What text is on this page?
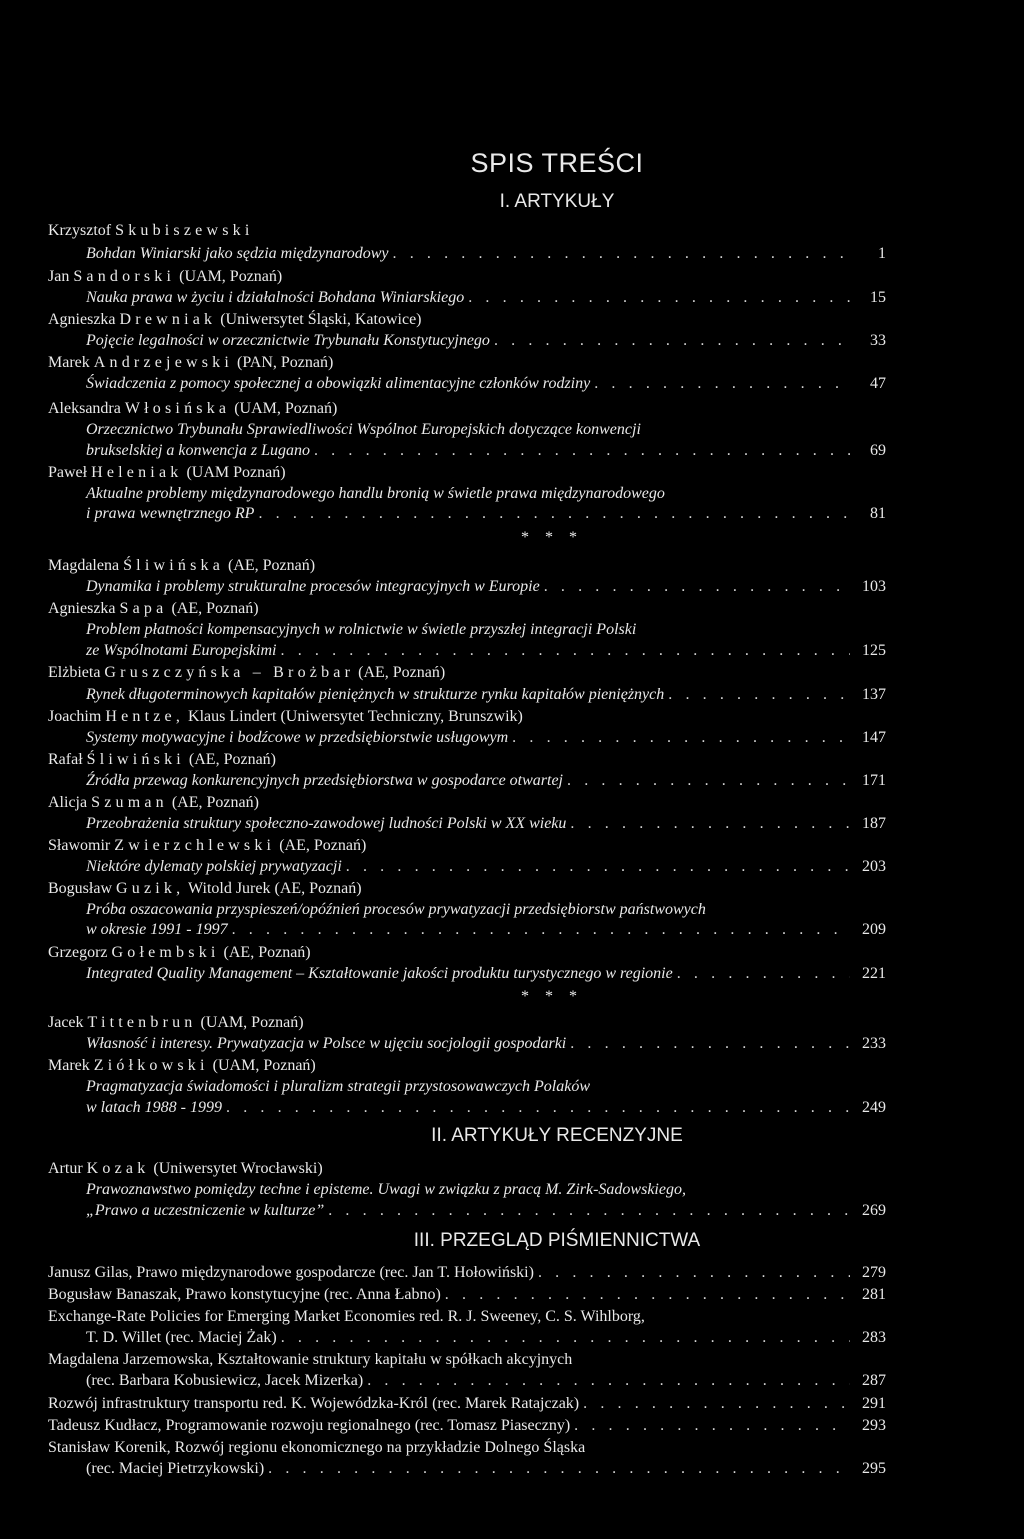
SPIS TREŚCI
I. ARTYKUŁY
Krzysztof Skubiszewski
Bohdan Winiarski jako sędzia międzynarodowy . . .	1
Jan Sandorski (UAM, Poznań)
Nauka prawa w życiu i działalności Bohdana Winiarskiego . . .	15
Agnieszka Drewniak (Uniwersytet Śląski, Katowice)
Pojęcie legalności w orzecznictwie Trybunału Konstytucyjnego . . .	33
Marek Andrzejewski (PAN, Poznań)
Świadczenia z pomocy społecznej a obowiązki alimentacyjne członków rodziny . . .	47
Aleksandra Włosińska (UAM, Poznań)
Orzecznictwo Trybunału Sprawiedliwości Wspólnot Europejskich dotyczące konwencji
brukselskiej a konwencja z Lugano . . .	69
Paweł Heleniak (UAM Poznań)
Aktualne problemy międzynarodowego handlu bronią w świetle prawa międzynarodowego
i prawa wewnętrznego RP . . .	81
* * *
Magdalena Śliwińska (AE, Poznań)
Dynamika i problemy strukturalne procesów integracyjnych w Europie . . .	103
Agnieszka Sapa (AE, Poznań)
Problem płatności kompensacyjnych w rolnictwie w świetle przyszłej integracji Polski
ze Wspólnotami Europejskimi . . .	125
Elżbieta Gruszczyńska – Brożbar (AE, Poznań)
Rynek długoterminowych kapitałów pieniężnych w strukturze rynku kapitałów pieniężnych . . .	137
Joachim Hentze, Klaus Lindert (Uniwersytet Techniczny, Brunszwik)
Systemy motywacyjne i bodźcowe w przedsiębiorstwie usługowym . . .	147
Rafał Śliwiński (AE, Poznań)
Źródła przewag konkurencyjnych przedsiębiorstwa w gospodarce otwartej . . .	171
Alicja Szuman (AE, Poznań)
Przeobrażenia struktury społeczno-zawodowej ludności Polski w XX wieku . . .	187
Sławomir Zwierzchlewski (AE, Poznań)
Niektóre dylematy polskiej prywatyzacji . . .	203
Bogusław Guzik, Witold Jurek (AE, Poznań)
Próba oszacowania przyspieszeń/opóźnień procesów prywatyzacji przedsiębiorstw państwowych
w okresie 1991 - 1997 . . .	209
Grzegorz Gołembski (AE, Poznań)
Integrated Quality Management – Kształtowanie jakości produktu turystycznego w regionie . . .	221
* * *
Jacek Tittenbrun (UAM, Poznań)
Własność i interesy. Prywatyzacja w Polsce w ujęciu socjologii gospodarki . . .	233
Marek Ziółkowski (UAM, Poznań)
Pragmatyzacja świadomości i pluralizm strategii przystosowawczych Polaków
w latach 1988 - 1999 . . .	249
II. ARTYKUŁY RECENZYJNE
Artur Kozak (Uniwersytet Wrocławski)
Prawoznawstwo pomiędzy techne i episteme. Uwagi w związku z pracą M. Zirk-Sadowskiego,
„Prawo a uczestniczenie w kulturze” . . .	269
III. PRZEGLĄD PIŚMIENNICTWA
Janusz Gilas, Prawo międzynarodowe gospodarcze (rec. Jan T. Hołowiński) . . .	279
Bogusław Banaszak, Prawo konstytucyjne (rec. Anna Łabno) . . .	281
Exchange-Rate Policies for Emerging Market Economies red. R. J. Sweeney, C. S. Wihlborg,
T. D. Willet (rec. Maciej Żak) . . .	283
Magdalena Jarzemowska, Kształtowanie struktury kapitału w spółkach akcyjnych
(rec. Barbara Kobusiewicz, Jacek Mizerka) . . .	287
Rozwój infrastruktury transportu red. K. Wojewódzka-Król (rec. Marek Ratajczak) . . .	291
Tadeusz Kudłacz, Programowanie rozwoju regionalnego (rec. Tomasz Piaseczny) . . .	293
Stanisław Korenik, Rozwój regionu ekonomicznego na przykładzie Dolnego Śląska
(rec. Maciej Pietrzykowski) . . .	295
